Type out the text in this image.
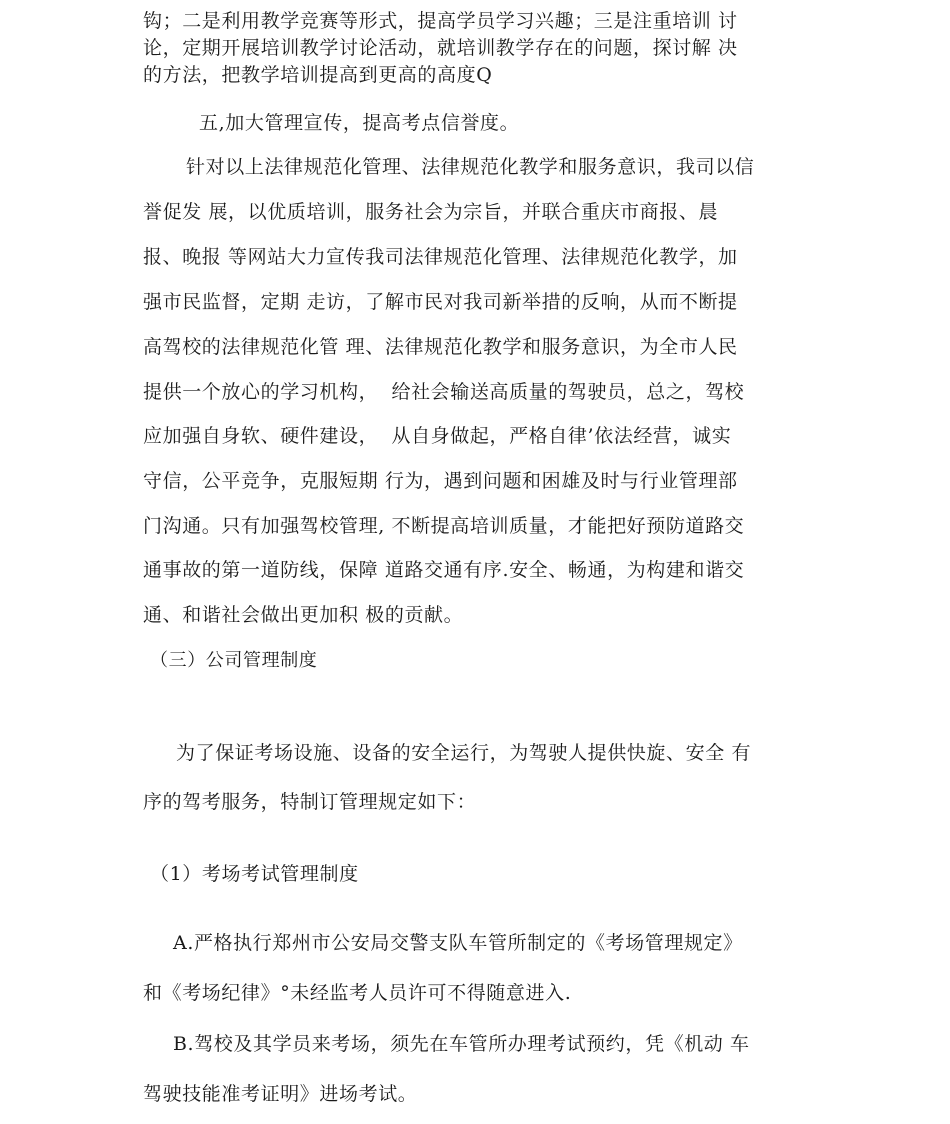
钩；二是利用教学竞赛等形式，提高学员学习兴趣；三是注重培训 讨
论，定期开展培训教学讨论活动，就培训教学存在的问题，探讨解 决
的方法，把教学培训提高到更高的高度Q
五,加大管理宣传，提高考点信誉度。
针对以上法律规范化管理、法律规范化教学和服务意识，我司以信
誉促发 展，以优质培训，服务社会为宗旨，并联合重庆市商报、晨
报、晚报 等网站大力宣传我司法律规范化管理、法律规范化教学，加
强市民监督，定期 走访，了解市民对我司新举措的反响，从而不断提
高驾校的法律规范化管 理、法律规范化教学和服务意识，为全市人民
提供一个放心的学习机构，  给社会输送高质量的驾驶员，总之，驾校
应加强自身软、硬件建设，  从自身做起，严格自律’依法经营，诚实
守信，公平竞争，克服短期 行为，遇到问题和困雄及时与行业管理部
门沟通。只有加强驾校管理, 不断提高培训质量，才能把好预防道路交
通事故的第一道防线，保障 道路交通有序.安全、畅通，为构建和谐交
通、和谐社会做出更加积 极的贡献。
（三）公司管理制度
为了保证考场设施、设备的安全运行，为驾驶人提供快旋、安全 有
序的驾考服务，特制订管理规定如下：
（1）考场考试管理制度
A.严格执行郑州市公安局交警支队车管所制定的《考场管理规定》
和《考场纪律》°未经监考人员许可不得随意进入.
B.驾校及其学员来考场，须先在车管所办理考试预约，凭《机动 车
驾驶技能准考证明》进场考试。
